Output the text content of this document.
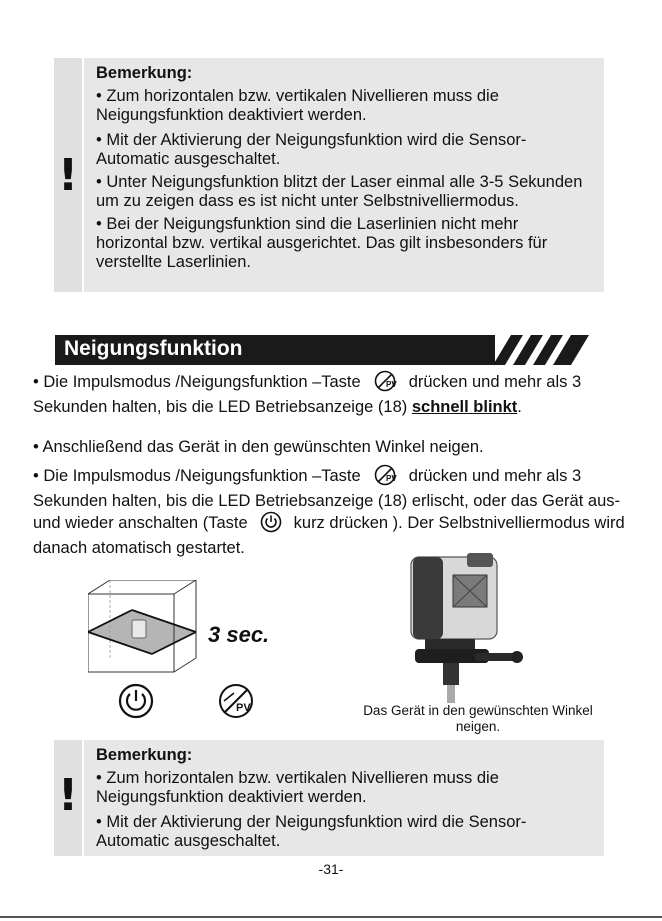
!

Bemerkung:

• Zum horizontalen bzw. vertikalen Nivellieren muss die Neigungsfunktion deaktiviert werden.

• Mit der Aktivierung der Neigungsfunktion wird die Sensor-Automatic ausgeschaltet.

• Unter Neigungsfunktion blitzt der Laser einmal alle 3-5 Sekunden um zu zeigen dass es ist nicht unter Selbstnivelliermodus.

• Bei der Neigungsfunktion sind die Laserlinien nicht mehr horizontal bzw. vertikal ausgerichtet. Das gilt insbesonders für verstellte Laserlinien.

Neigungsfunktion

• Die Impulsmodus /Neigungsfunktion –Taste	PV drücken und mehr als 3 Sekunden halten, bis die LED Betriebsanzeige (18) schnell blinkt.

• Anschließend das Gerät in den gewünschten Winkel neigen.

• Die Impulsmodus /Neigungsfunktion –Taste	PV drücken und mehr als 3 Sekunden halten, bis die LED Betriebsanzeige (18) erlischt, oder das Gerät aus- und wieder anschalten (Taste	kurz drücken ). Der Selbstnivelliermodus wird danach atomatisch gestartet.

3 sec.
PV	Das Gerät in den gewünschten Winkel neigen.
!

Bemerkung:

• Zum horizontalen bzw. vertikalen Nivellieren muss die Neigungsfunktion deaktiviert werden.

• Mit der Aktivierung der Neigungsfunktion wird die Sensor-Automatic ausgeschaltet.

-31-
